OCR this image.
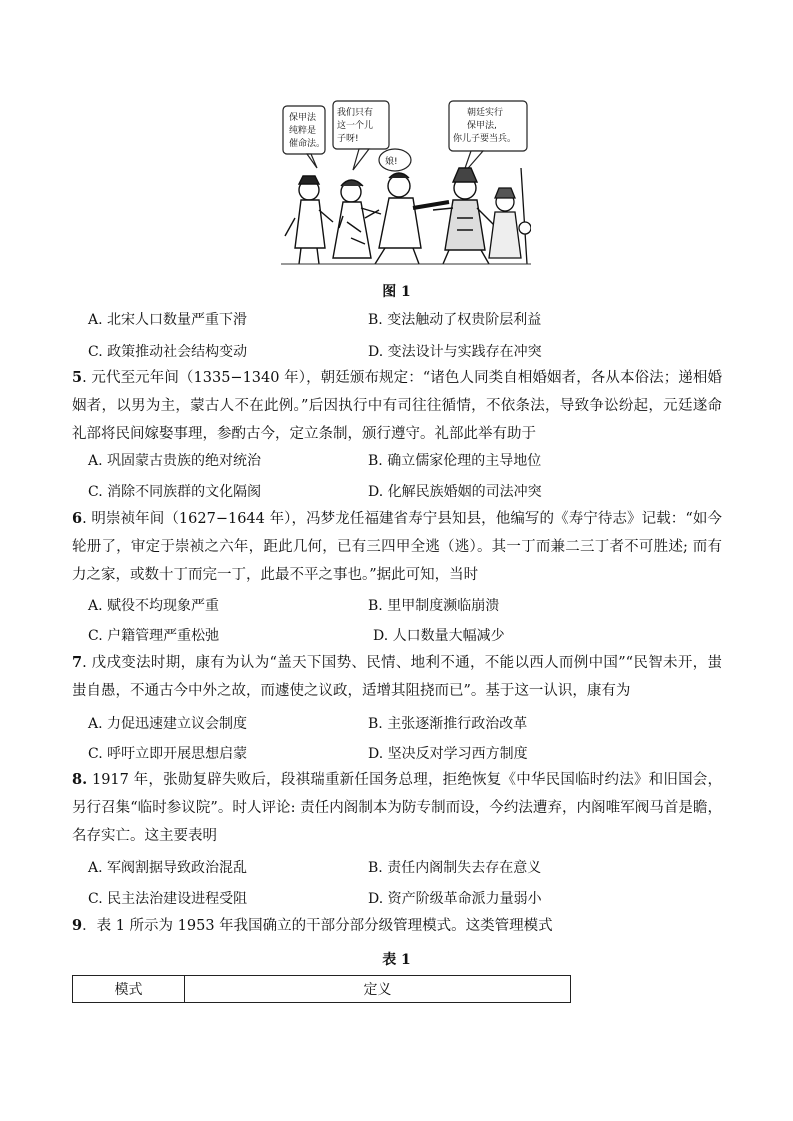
保甲法
纯粹是
催命法。
我们只有
这一个儿
子呀!
娘!
朝廷实行
保甲法,
你儿子要当兵。
图 1
A. 北宋人口数量严重下滑	B. 变法触动了权贵阶层利益
C. 政策推动社会结构变动	D. 变法设计与实践存在冲突
5. 元代至元年间（1335−1340 年），朝廷颁布规定：“诸色人同类自相婚姻者，各从本俗法；递相婚姻者，以男为主，蒙古人不在此例。”后因执行中有司往往循情，不依条法，导致争讼纷起，元廷遂命礼部将民间嫁娶事理，参酌古今，定立条制，颁行遵守。礼部此举有助于
A. 巩固蒙古贵族的绝对统治	B. 确立儒家伦理的主导地位
C. 消除不同族群的文化隔阂	D. 化解民族婚姻的司法冲突
6. 明崇祯年间（1627−1644 年），冯梦龙任福建省寿宁县知县，他编写的《寿宁待志》记载：“如今轮册了，审定于崇祯之六年，距此几何，已有三四甲全逃（逃）。其一丁而兼二三丁者不可胜述; 而有力之家，或数十丁而完一丁，此最不平之事也。”据此可知，当时
A. 赋役不均现象严重	B. 里甲制度濒临崩溃
C. 户籍管理严重松弛	D. 人口数量大幅减少
7. 戊戌变法时期，康有为认为“盖天下国势、民情、地利不通，不能以西人而例中国”“民智未开，蚩蚩自愚，不通古今中外之故，而遽使之议政，适增其阻挠而已”。基于这一认识，康有为
A. 力促迅速建立议会制度	B. 主张逐渐推行政治改革
C. 呼吁立即开展思想启蒙	D. 坚决反对学习西方制度
8. 1917 年，张勋复辟失败后，段祺瑞重新任国务总理，拒绝恢复《中华民国临时约法》和旧国会，另行召集“临时参议院”。时人评论: 责任内阁制本为防专制而设，今约法遭弃，内阁唯军阀马首是瞻，名存实亡。这主要表明
A. 军阀割据导致政治混乱	B. 责任内阁制失去存在意义
C. 民主法治建设进程受阻	D. 资产阶级革命派力量弱小
9．表 1 所示为 1953 年我国确立的干部分部分级管理模式。这类管理模式
表 1
模式	定义
